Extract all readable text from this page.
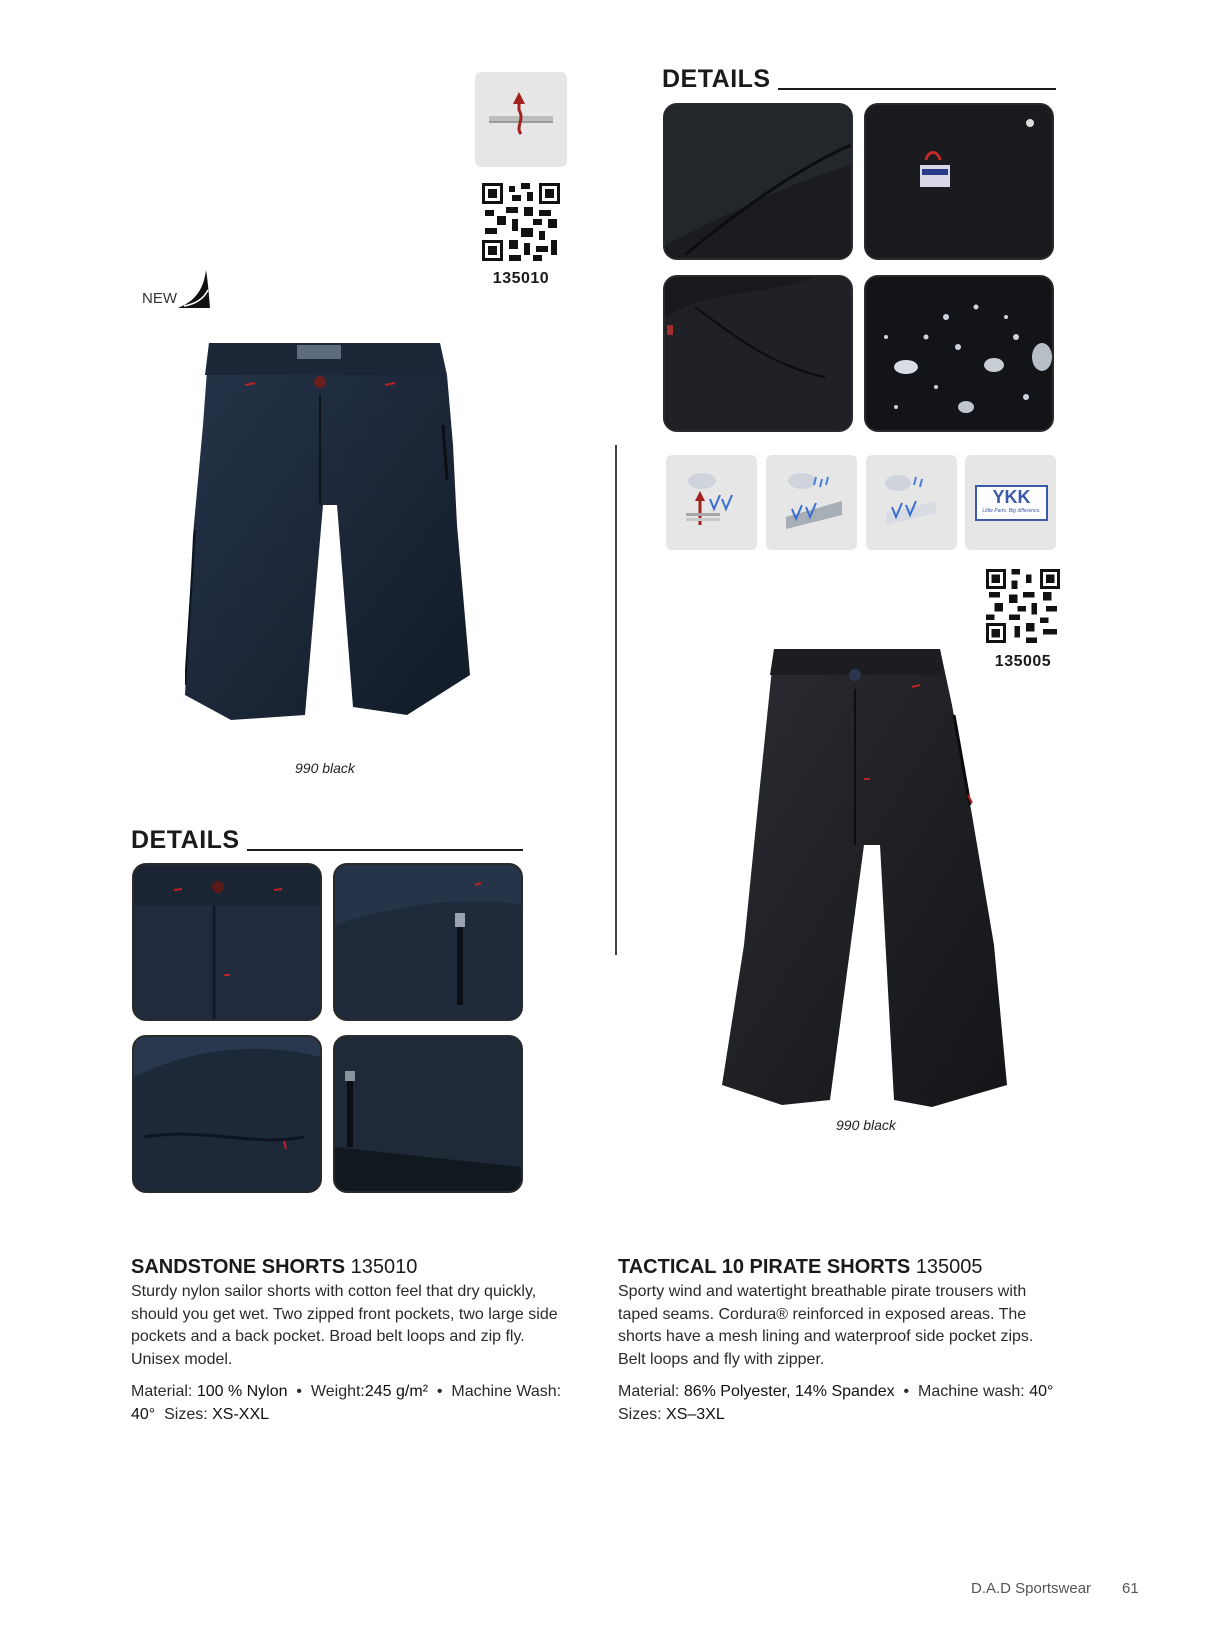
135010
NEW
990 black
DETAILS
DETAILS
YKK
Little Parts. Big difference.
135005
990 black
SANDSTONE SHORTS 135010
Sturdy nylon sailor shorts with cotton feel that dry quickly, should you get wet. Two zipped front pockets, two large side pockets and a back pocket. Broad belt loops and zip fly. Unisex model.
Material: 100 % Nylon  •  Weight:245 g/m²  •  Machine Wash: 40° Sizes: XS-XXL
TACTICAL 10 PIRATE SHORTS 135005
Sporty wind and watertight breathable pirate trousers with taped seams. Cordura® reinforced in exposed areas. The shorts have a mesh lining and waterproof side pocket zips. Belt loops and fly with zipper.
Material: 86% Polyester, 14% Spandex  •  Machine wash: 40°
Sizes: XS–3XL
D.A.D Sportswear 61
